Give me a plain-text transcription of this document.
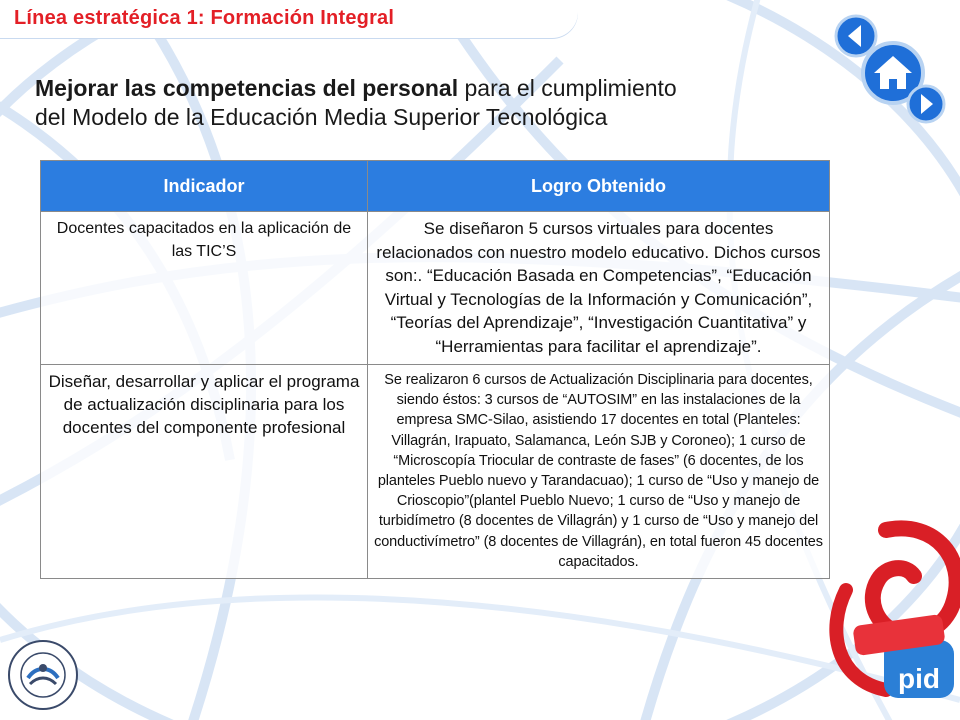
Línea estratégica 1: Formación Integral
Mejorar las competencias del personal para el cumplimiento
del Modelo de la Educación Media Superior Tecnológica
Indicador	Logro Obtenido
Docentes capacitados en la aplicación de las TIC’S	Se diseñaron 5 cursos virtuales para docentes relacionados con nuestro modelo educativo. Dichos cursos son:. “Educación Basada en Competencias”, “Educación Virtual y Tecnologías de la Información y Comunicación”, “Teorías del Aprendizaje”, “Investigación Cuantitativa” y “Herramientas para facilitar el aprendizaje”.
Diseñar, desarrollar y aplicar el programa de actualización disciplinaria para los docentes del componente profesional	Se realizaron 6 cursos de Actualización Disciplinaria para docentes, siendo éstos: 3 cursos de “AUTOSIM” en las instalaciones de la empresa SMC-Silao, asistiendo 17 docentes en total (Planteles: Villagrán, Irapuato, Salamanca, León SJB y Coroneo); 1 curso de “Microscopía Triocular de contraste de fases” (6 docentes, de los planteles Pueblo nuevo y Tarandacuao); 1 curso de “Uso y manejo de Crioscopio”(plantel Pueblo Nuevo; 1 curso de “Uso y manejo de turbidímetro (8 docentes de Villagrán) y 1 curso de “Uso y manejo del conductivímetro” (8 docentes de Villagrán), en total fueron 45 docentes capacitados.
pid
